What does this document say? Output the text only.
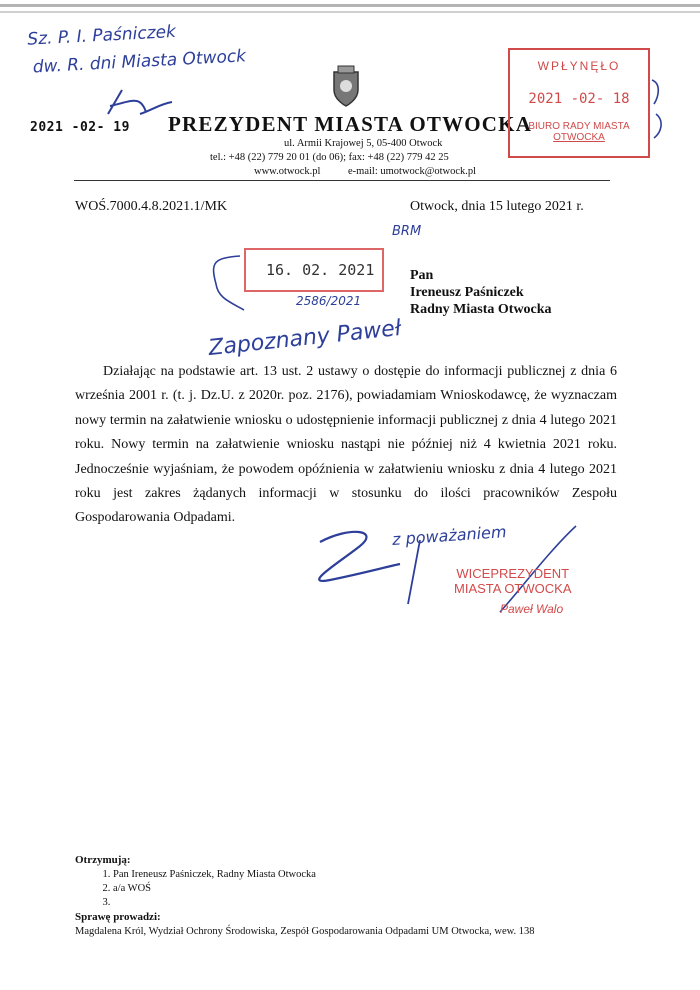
Sz. P. I. Paśniczek
dw. R. dni Miasta Otwock
2021 -02- 19 PREZYDENT MIASTA OTWOCKA
ul. Armii Krajowej 5, 05-400 Otwock
tel.: +48 (22) 779 20 01 (do 06); fax: +48 (22) 779 42 25
www.otwock.pl	e-mail: umotwock@otwock.pl
WPŁYNĘŁO
2021 -02- 18
BIURO RADY MIASTA
OTWOCKA
WOŚ.7000.4.8.2021.1/MK	Otwock, dnia 15 lutego 2021 r.
16. 02. 2021
2586/2021
BRM
Pan
Ireneusz Paśniczek
Radny Miasta Otwocka
Zapoznany Paweł

Działając na podstawie art. 13 ust. 2 ustawy o dostępie do informacji publicznej z dnia 6 września 2001 r. (t. j. Dz.U. z 2020r. poz. 2176), powiadamiam Wnioskodawcę, że wyznaczam nowy termin na załatwienie wniosku o udostępnienie informacji publicznej z dnia 4 lutego 2021 roku. Nowy termin na załatwienie wniosku nastąpi nie później niż 4 kwietnia 2021 roku. Jednocześnie wyjaśniam, że powodem opóźnienia w załatwieniu wniosku z dnia 4 lutego 2021 roku jest zakres żądanych informacji w stosunku do ilości pracowników Zespołu Gospodarowania Odpadami.

z poważaniem
WICEPREZYDENT
MIASTA OTWOCKA
Paweł Walo
Otrzymują:
1. Pan Ireneusz Paśniczek, Radny Miasta Otwocka
2. a/a WOŚ
3.
Sprawę prowadzi:
Magdalena Król, Wydział Ochrony Środowiska, Zespół Gospodarowania Odpadami UM Otwocka, wew. 138
